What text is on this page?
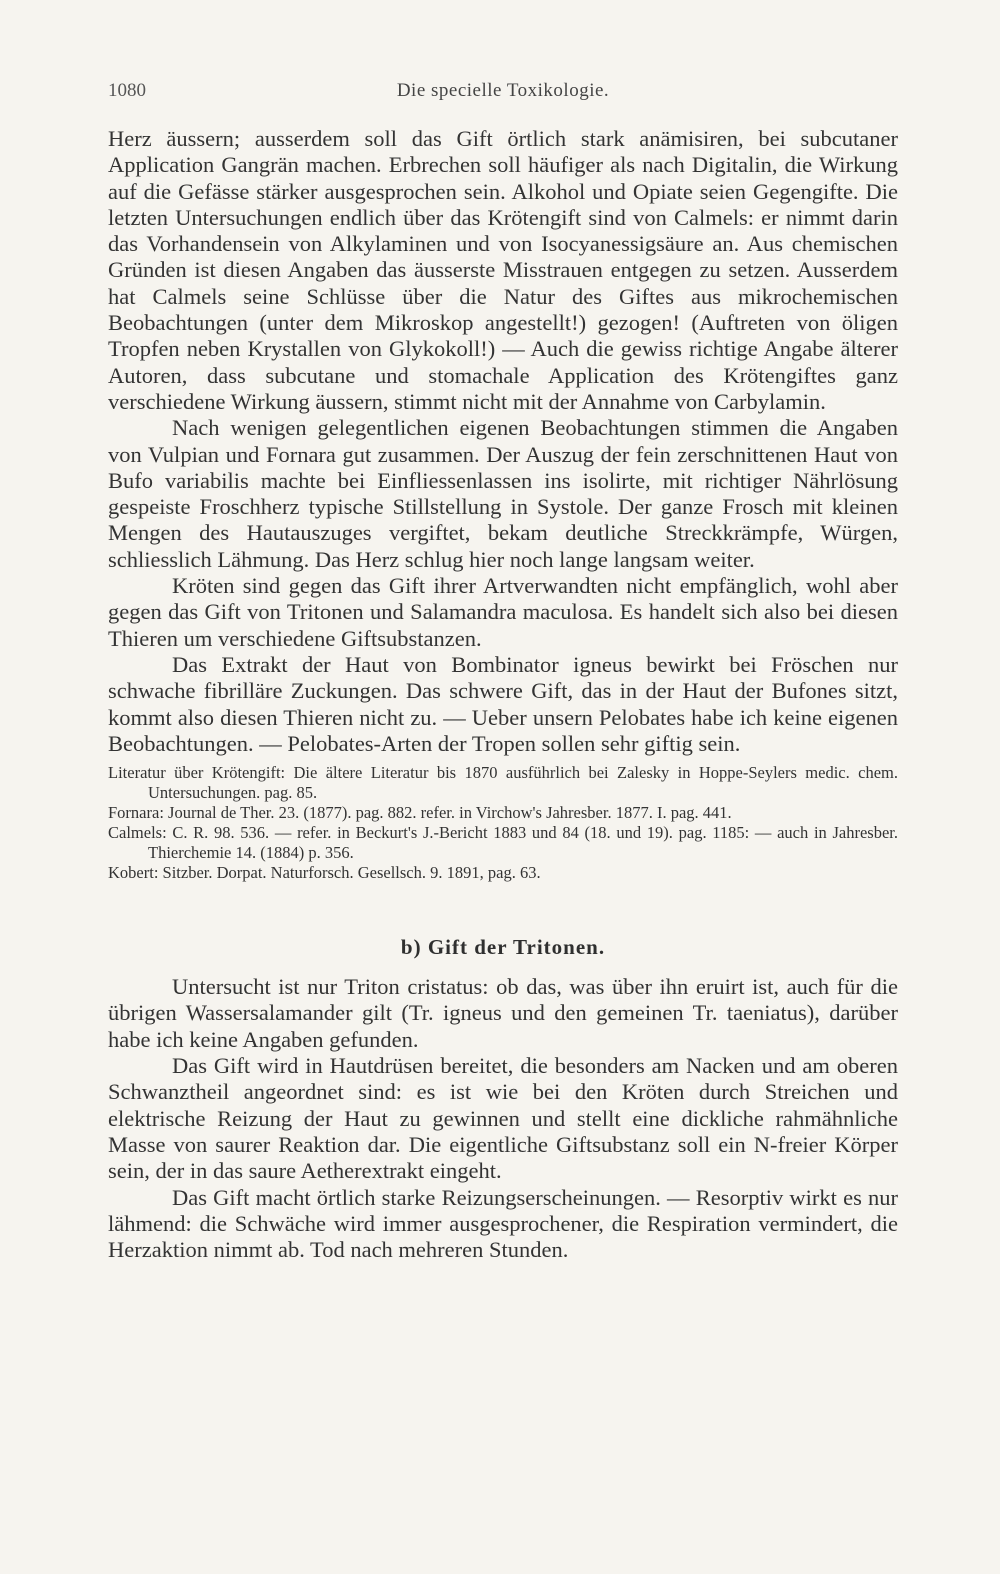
1080	Die specielle Toxikologie.

Herz äussern; ausserdem soll das Gift örtlich stark anämisiren, bei subcutaner Application Gangrän machen. Erbrechen soll häufiger als nach Digitalin, die Wirkung auf die Gefässe stärker ausgesprochen sein. Alkohol und Opiate seien Gegengifte. Die letzten Untersuchungen endlich über das Krötengift sind von Calmels: er nimmt darin das Vorhandensein von Alkylaminen und von Isocyanessigsäure an. Aus chemischen Gründen ist diesen Angaben das äusserste Misstrauen entgegen zu setzen. Ausserdem hat Calmels seine Schlüsse über die Natur des Giftes aus mikrochemischen Beobachtungen (unter dem Mikroskop angestellt!) gezogen! (Auftreten von öligen Tropfen neben Krystallen von Glykokoll!) — Auch die gewiss richtige Angabe älterer Autoren, dass subcutane und stomachale Application des Krötengiftes ganz verschiedene Wirkung äussern, stimmt nicht mit der Annahme von Carbylamin.

Nach wenigen gelegentlichen eigenen Beobachtungen stimmen die Angaben von Vulpian und Fornara gut zusammen. Der Auszug der fein zerschnittenen Haut von Bufo variabilis machte bei Einfliessenlassen ins isolirte, mit richtiger Nährlösung gespeiste Froschherz typische Stillstellung in Systole. Der ganze Frosch mit kleinen Mengen des Hautauszuges vergiftet, bekam deutliche Streckkrämpfe, Würgen, schliesslich Lähmung. Das Herz schlug hier noch lange langsam weiter.

Kröten sind gegen das Gift ihrer Artverwandten nicht empfänglich, wohl aber gegen das Gift von Tritonen und Salamandra maculosa. Es handelt sich also bei diesen Thieren um verschiedene Giftsubstanzen.

Das Extrakt der Haut von Bombinator igneus bewirkt bei Fröschen nur schwache fibrilläre Zuckungen. Das schwere Gift, das in der Haut der Bufones sitzt, kommt also diesen Thieren nicht zu. — Ueber unsern Pelobates habe ich keine eigenen Beobachtungen. — Pelobates-Arten der Tropen sollen sehr giftig sein.

Literatur über Krötengift: Die ältere Literatur bis 1870 ausführlich bei Zalesky in Hoppe-Seylers medic. chem. Untersuchungen. pag. 85.

Fornara: Journal de Ther. 23. (1877). pag. 882. refer. in Virchow's Jahresber. 1877. I. pag. 441.

Calmels: C. R. 98. 536. — refer. in Beckurt's J.-Bericht 1883 und 84 (18. und 19). pag. 1185: — auch in Jahresber. Thierchemie 14. (1884) p. 356.

Kobert: Sitzber. Dorpat. Naturforsch. Gesellsch. 9. 1891, pag. 63.

b) Gift der Tritonen.

Untersucht ist nur Triton cristatus: ob das, was über ihn eruirt ist, auch für die übrigen Wassersalamander gilt (Tr. igneus und den gemeinen Tr. taeniatus), darüber habe ich keine Angaben gefunden.

Das Gift wird in Hautdrüsen bereitet, die besonders am Nacken und am oberen Schwanztheil angeordnet sind: es ist wie bei den Kröten durch Streichen und elektrische Reizung der Haut zu gewinnen und stellt eine dickliche rahmähnliche Masse von saurer Reaktion dar. Die eigentliche Giftsubstanz soll ein N-freier Körper sein, der in das saure Aetherextrakt eingeht.

Das Gift macht örtlich starke Reizungserscheinungen. — Resorptiv wirkt es nur lähmend: die Schwäche wird immer ausgesprochener, die Respiration vermindert, die Herzaktion nimmt ab. Tod nach mehreren Stunden.
